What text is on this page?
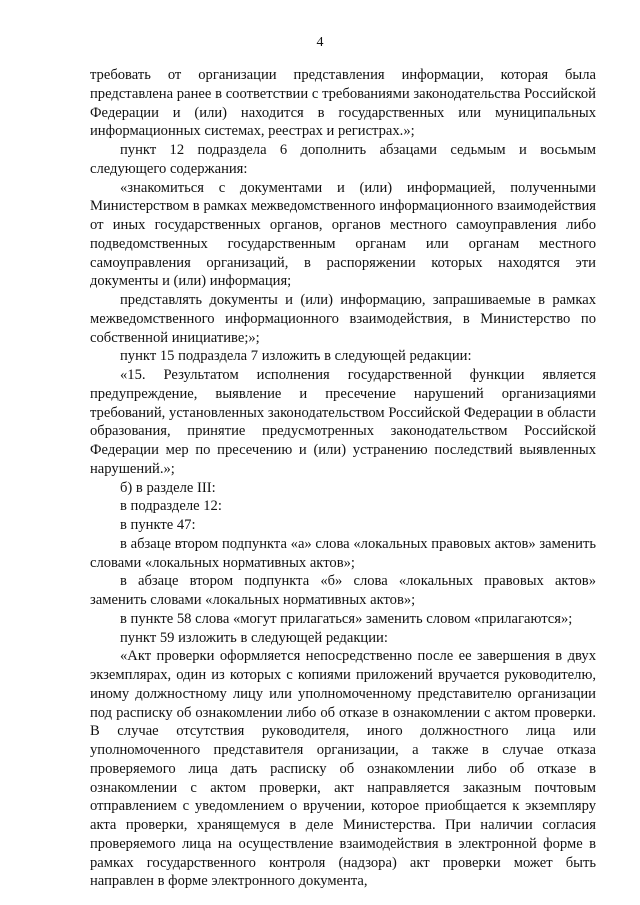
4

требовать от организации представления информации, которая была представлена ранее в соответствии с требованиями законодательства Российской Федерации и (или) находится в государственных или муниципальных информационных системах, реестрах и регистрах.»;

пункт 12 подраздела 6 дополнить абзацами седьмым и восьмым следующего содержания:

«знакомиться с документами и (или) информацией, полученными Министерством в рамках межведомственного информационного взаимодействия от иных государственных органов, органов местного самоуправления либо подведомственных государственным органам или органам местного самоуправления организаций, в распоряжении которых находятся эти документы и (или) информация;

представлять документы и (или) информацию, запрашиваемые в рамках межведомственного информационного взаимодействия, в Министерство по собственной инициативе;»;

пункт 15 подраздела 7 изложить в следующей редакции:

«15. Результатом исполнения государственной функции является предупреждение, выявление и пресечение нарушений организациями требований, установленных законодательством Российской Федерации в области образования, принятие предусмотренных законодательством Российской Федерации мер по пресечению и (или) устранению последствий выявленных нарушений.»;

б) в разделе III:

в подразделе 12:

в пункте 47:

в абзаце втором подпункта «а» слова «локальных правовых актов» заменить словами «локальных нормативных актов»;

в абзаце втором подпункта «б» слова «локальных правовых актов» заменить словами «локальных нормативных актов»;

в пункте 58 слова «могут прилагаться» заменить словом «прилагаются»;

пункт 59 изложить в следующей редакции:

«Акт проверки оформляется непосредственно после ее завершения в двух экземплярах, один из которых с копиями приложений вручается руководителю, иному должностному лицу или уполномоченному представителю организации под расписку об ознакомлении либо об отказе в ознакомлении с актом проверки. В случае отсутствия руководителя, иного должностного лица или уполномоченного представителя организации, а также в случае отказа проверяемого лица дать расписку об ознакомлении либо об отказе в ознакомлении с актом проверки, акт направляется заказным почтовым отправлением с уведомлением о вручении, которое приобщается к экземпляру акта проверки, хранящемуся в деле Министерства. При наличии согласия проверяемого лица на осуществление взаимодействия в электронной форме в рамках государственного контроля (надзора) акт проверки может быть направлен в форме электронного документа,
